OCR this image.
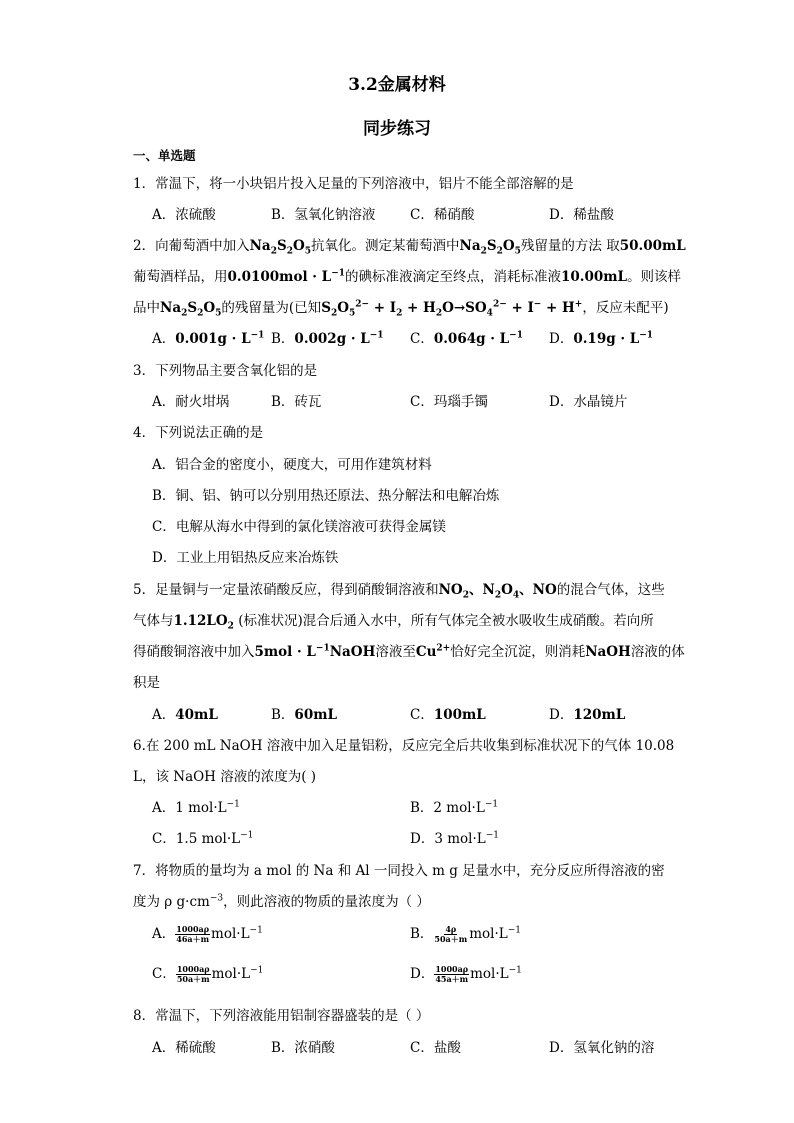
3.2金属材料
同步练习
一、单选题
1．常温下，将一小块铝片投入足量的下列溶液中，铝片不能全部溶解的是
A．浓硫酸	B．氢氧化钠溶液	C．稀硝酸	D．稀盐酸
2．向葡萄酒中加入$Na_2S_2O_5$抗氧化。测定某葡萄酒中$Na_2S_2O_5$残留量的方法 取50.00mL
葡萄酒样品，用$0.0100mol \cdot L^{-1}$的碘标准液滴定至终点，消耗标准液10.00mL。则该样
品中$Na_2S_2O_5$的残留量为(已知$S_2O_5^{2-} + I_2 + H_2O\to SO_4^{2-} + I^- + H^+$，反应未配平)
A．$0.001g \cdot L^{-1}$ B．$0.002g \cdot L^{-1}$ C．$0.064g \cdot L^{-1}$ D．$0.19g \cdot L^{-1}$
3．下列物品主要含氧化铝的是
A．耐火坩埚	B．砖瓦	C．玛瑙手镯	D．水晶镜片
4．下列说法正确的是
A．铝合金的密度小，硬度大，可用作建筑材料
B．铜、铝、钠可以分别用热还原法、热分解法和电解冶炼
C．电解从海水中得到的氯化镁溶液可获得金属镁
D．工业上用铝热反应来冶炼铁
5．足量铜与一定量浓硝酸反应，得到硝酸铜溶液和$NO_2$、$N_2O_4$、NO的混合气体，这些
气体与$1.12LO_2$ (标准状况)混合后通入水中，所有气体完全被水吸收生成硝酸。若向所
得硝酸铜溶液中加入$5mol \cdot L^{-1}NaOH$溶液至$Cu^{2+}$恰好完全沉淀，则消耗NaOH溶液的体
积是
A．40mL	B．60mL	C．100mL	D．120mL
6.在 200 mL NaOH 溶液中加入足量铝粉，反应完全后共收集到标准状况下的气体 10.08
L，该 NaOH 溶液的浓度为( )
A．1 $mol\cdot L^{-1}$	B．2 $mol\cdot L^{-1}$
C．1.5 $mol\cdot L^{-1}$	D．3 $mol\cdot L^{-1}$
7．将物质的量均为 a mol 的 Na 和 Al 一同投入 m g 足量水中，充分反应所得溶液的密
度为 ρ $g\cdot cm^{-3}$，则此溶液的物质的量浓度为（ ）
A． $\frac{1000a\rho}{46a+m} mol\cdot L^{-1}$	B． $\frac{4\rho}{50a+m} mol\cdot L^{-1}$
C． $\frac{1000a\rho}{50a+m} mol\cdot L^{-1}$	D． $\frac{1000a\rho}{45a+m} mol\cdot L^{-1}$
8．常温下，下列溶液能用铝制容器盛装的是（ ）
A．稀硫酸	B．浓硝酸	C．盐酸	D．氢氧化钠的溶
